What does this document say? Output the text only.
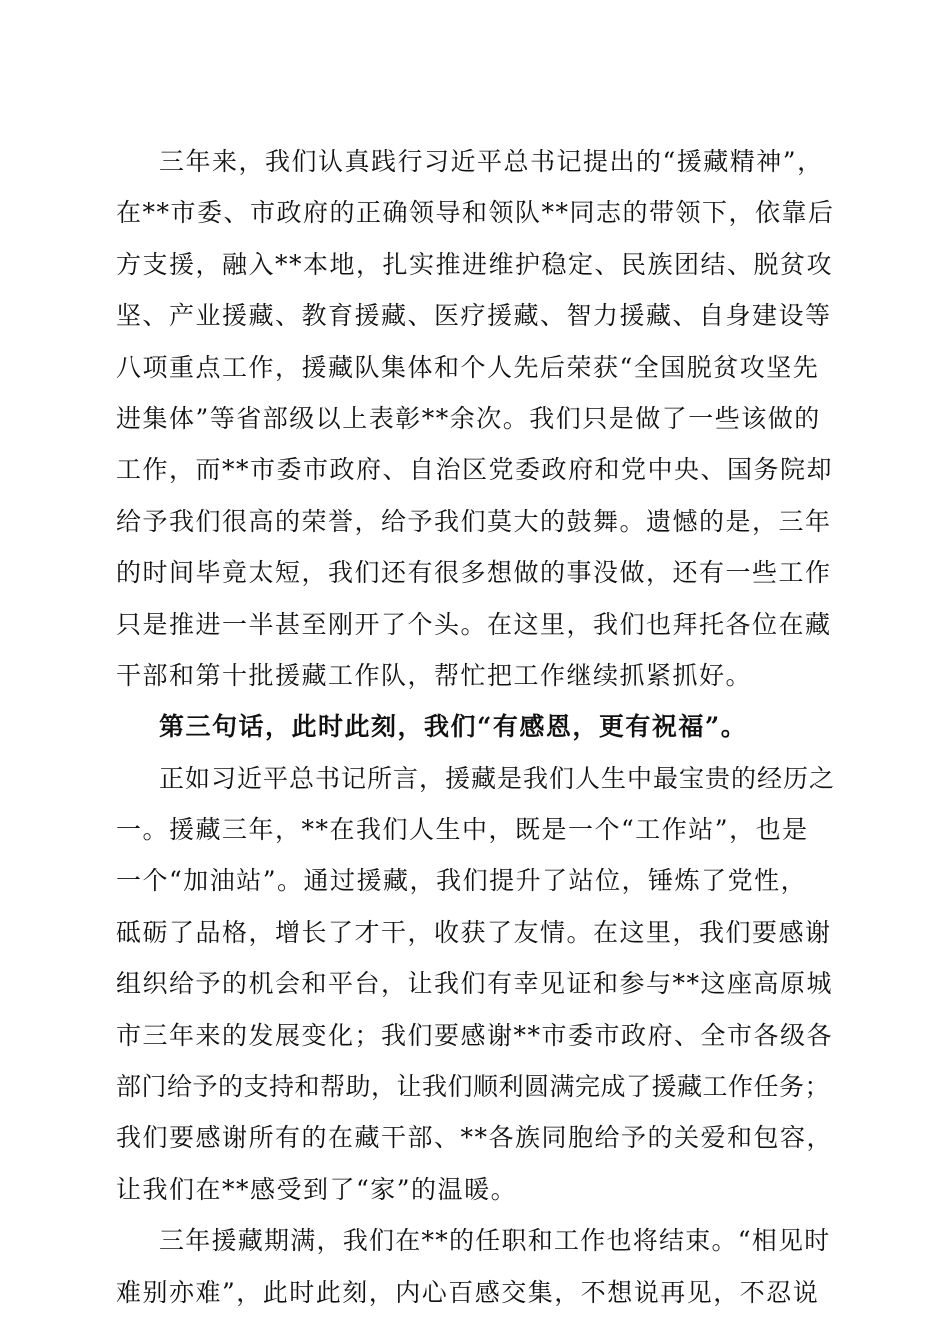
三年来，我们认真践行习近平总书记提出的“援藏精神”，
在**市委、市政府的正确领导和领队**同志的带领下，依靠后
方支援，融入**本地，扎实推进维护稳定、民族团结、脱贫攻
坚、产业援藏、教育援藏、医疗援藏、智力援藏、自身建设等
八项重点工作，援藏队集体和个人先后荣获“全国脱贫攻坚先
进集体”等省部级以上表彰**余次。我们只是做了一些该做的
工作，而**市委市政府、自治区党委政府和党中央、国务院却
给予我们很高的荣誉，给予我们莫大的鼓舞。遗憾的是，三年
的时间毕竟太短，我们还有很多想做的事没做，还有一些工作
只是推进一半甚至刚开了个头。在这里，我们也拜托各位在藏
干部和第十批援藏工作队，帮忙把工作继续抓紧抓好。
第三句话，此时此刻，我们“有感恩，更有祝福”。
正如习近平总书记所言，援藏是我们人生中最宝贵的经历之
一。援藏三年，**在我们人生中，既是一个“工作站”，也是
一个“加油站”。通过援藏，我们提升了站位，锤炼了党性，
砥砺了品格，增长了才干，收获了友情。在这里，我们要感谢
组织给予的机会和平台，让我们有幸见证和参与**这座高原城
市三年来的发展变化；我们要感谢**市委市政府、全市各级各
部门给予的支持和帮助，让我们顺利圆满完成了援藏工作任务；
我们要感谢所有的在藏干部、**各族同胞给予的关爱和包容，
让我们在**感受到了“家”的温暖。
三年援藏期满，我们在**的任职和工作也将结束。“相见时
难别亦难”，此时此刻，内心百感交集，不想说再见，不忍说
